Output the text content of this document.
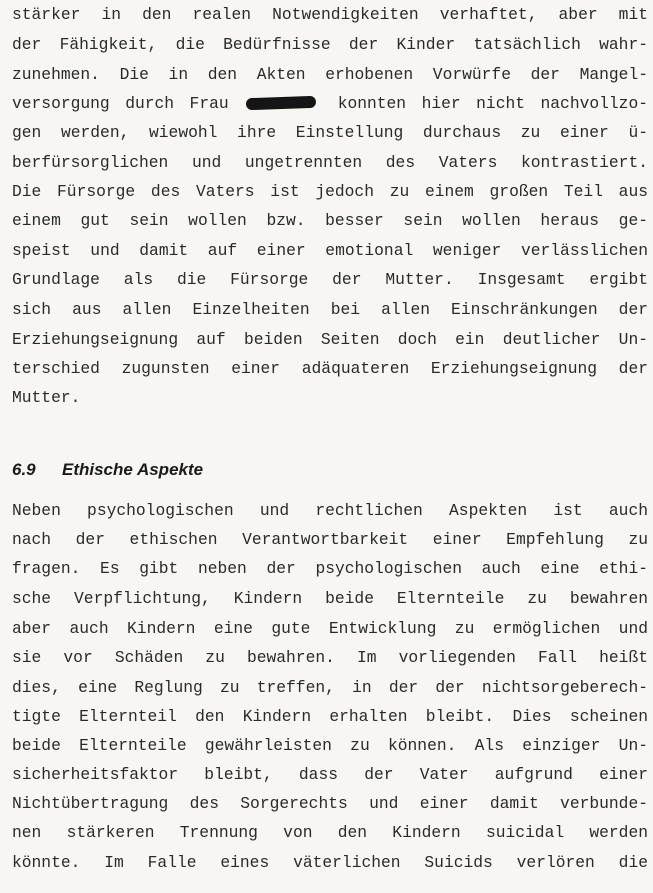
stärker in den realen Notwendigkeiten verhaftet, aber mit
der Fähigkeit, die Bedürfnisse der Kinder tatsächlich wahr-
zunehmen. Die in den Akten erhobenen Vorwürfe der Mangel-
versorgung durch Frau	konnten hier nicht nachvollzo-
gen werden, wiewohl ihre Einstellung durchaus zu einer ü-
berfürsorglichen und ungetrennten des Vaters kontrastiert.
Die Fürsorge des Vaters ist jedoch zu einem großen Teil aus
einem gut sein wollen bzw. besser sein wollen heraus ge-
speist und damit auf einer emotional weniger verlässlichen
Grundlage als die Fürsorge der Mutter. Insgesamt ergibt
sich aus allen Einzelheiten bei allen Einschränkungen der
Erziehungseignung auf beiden Seiten doch ein deutlicher Un-
terschied zugunsten einer adäquateren Erziehungseignung der
Mutter.
6.9 Ethische Aspekte
Neben psychologischen und rechtlichen Aspekten ist auch
nach der ethischen Verantwortbarkeit einer Empfehlung zu
fragen. Es gibt neben der psychologischen auch eine ethi-
sche Verpflichtung, Kindern beide Elternteile zu bewahren
aber auch Kindern eine gute Entwicklung zu ermöglichen und
sie vor Schäden zu bewahren. Im vorliegenden Fall heißt
dies, eine Reglung zu treffen, in der der nichtsorgeberech-
tigte Elternteil den Kindern erhalten bleibt. Dies scheinen
beide Elternteile gewährleisten zu können. Als einziger Un-
sicherheitsfaktor bleibt, dass der Vater aufgrund einer
Nichtübertragung des Sorgerechts und einer damit verbunde-
nen stärkeren Trennung von den Kindern suicidal werden
könnte. Im Falle eines väterlichen Suicids verlören die
